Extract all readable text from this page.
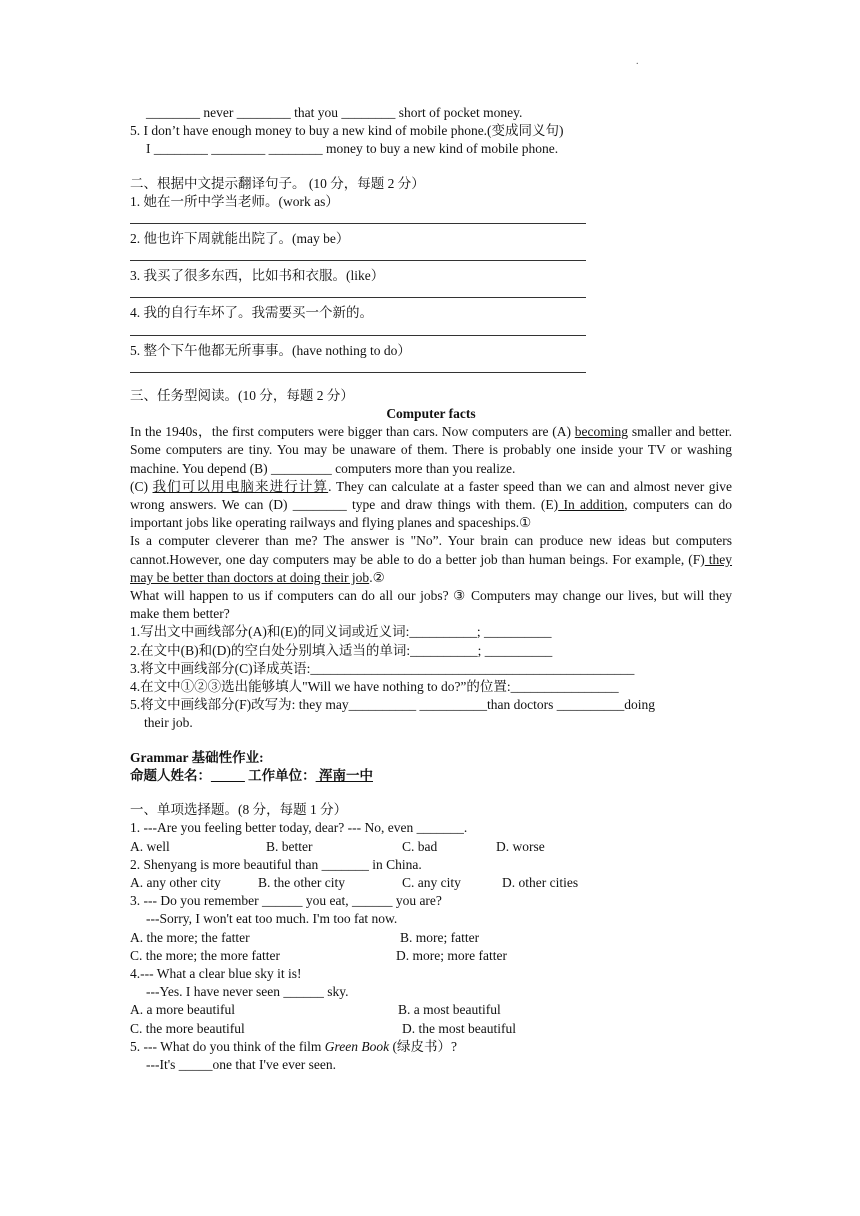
.
________ never ________ that you ________ short of pocket money.
5. I don’t have enough money to buy a new kind of mobile phone.(变成同义句)
I ________ ________ ________ money to buy a new kind of mobile phone.
二、根据中文提示翻译句子。 (10 分，每题 2 分）
1. 她在一所中学当老师。(work as）
2. 他也许下周就能出院了。(may be）
3. 我买了很多东西，比如书和衣服。(like）
4. 我的自行车坏了。我需要买一个新的。
5. 整个下午他都无所事事。(have nothing to do）
三、任务型阅读。(10 分，每题 2 分）
Computer facts
In the 1940s，the first computers were bigger than cars. Now computers are (A) becoming smaller and better. Some computers are tiny. You may be unaware of them. There is probably one inside your TV or washing machine. You depend (B) _________ computers more than you realize.
(C) 我们可以用电脑来进行计算. They can calculate at a faster speed than we can and almost never give wrong answers. We can (D) ________ type and draw things with them. (E) In addition, computers can do important jobs like operating railways and flying planes and spaceships.①
Is a computer cleverer than me? The answer is "No”. Your brain can produce new ideas but computers cannot.However, one day computers may be able to do a better job than human beings. For example, (F) they may be better than doctors at doing their job.②
What will happen to us if computers can do all our jobs? ③ Computers may change our lives, but will they make them better?
1.写出文中画线部分(A)和(E)的同义词或近义词:__________; __________
2.在文中(B)和(D)的空白处分别填入适当的单词:__________; __________
3.将文中画线部分(C)译成英语:________________________________________________
4.在文中①②③选出能够填人"Will we have nothing to do?”的位置:________________
5.将文中画线部分(F)改写为: they may__________ __________than doctors __________doing
their job.
Grammar 基础性作业:
命题人姓名：_____ 工作单位： 浑南一中
一、单项选择题。(8 分，每题 1 分）
1. ---Are you feeling better today, dear? --- No, even _______.
A. well	B. better	C. bad	D. worse
2. Shenyang is more beautiful than _______ in China.
A. any other city	B. the other city	C. any city	D. other cities
3. --- Do you remember ______ you eat, ______ you are?
---Sorry, I won't eat too much. I'm too fat now.
A. the more; the fatter	B. more; fatter
C. the more; the more fatter	D. more; more fatter
4.--- What a clear blue sky it is!
---Yes. I have never seen ______ sky.
A. a more beautiful	B. a most beautiful
C. the more beautiful	D. the most beautiful
5. --- What do you think of the film Green Book (绿皮书）?
---It's _____one that I've ever seen.
